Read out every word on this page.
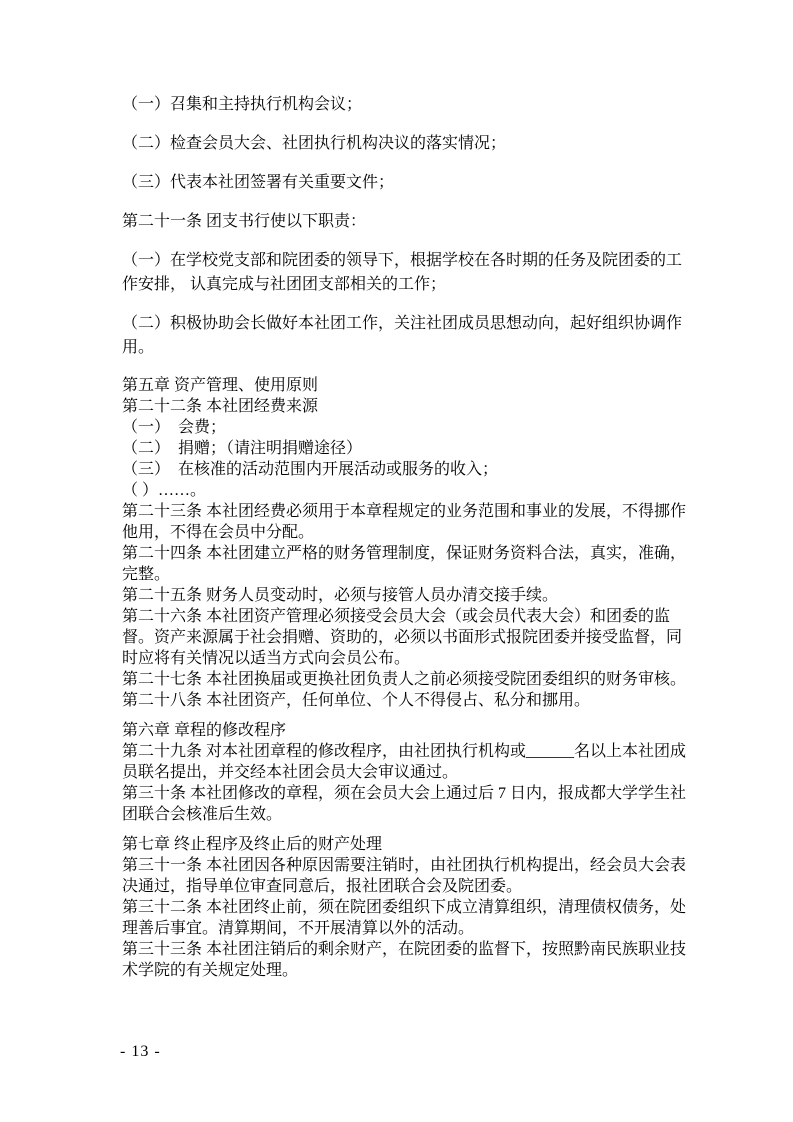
（一）召集和主持执行机构会议；

（二）检查会员大会、社团执行机构决议的落实情况；

（三）代表本社团签署有关重要文件；

第二十一条 团支书行使以下职责：

（一）在学校党支部和院团委的领导下，根据学校在各时期的任务及院团委的工作安排， 认真完成与社团团支部相关的工作；

（二）积极协助会长做好本社团工作，关注社团成员思想动向，起好组织协调作用。

第五章 资产管理、使用原则

第二十二条 本社团经费来源

（一）　会费；

（二）　捐赠；（请注明捐赠途径）

（三）　在核准的活动范围内开展活动或服务的收入；

（ ）……。

第二十三条 本社团经费必须用于本章程规定的业务范围和事业的发展，不得挪作他用，不得在会员中分配。

第二十四条 本社团建立严格的财务管理制度，保证财务资料合法，真实，准确，完整。

第二十五条 财务人员变动时，必须与接管人员办清交接手续。

第二十六条 本社团资产管理必须接受会员大会（或会员代表大会）和团委的监督。资产来源属于社会捐赠、资助的，必须以书面形式报院团委并接受监督，同时应将有关情况以适当方式向会员公布。

第二十七条 本社团换届或更换社团负责人之前必须接受院团委组织的财务审核。

第二十八条 本社团资产，任何单位、个人不得侵占、私分和挪用。

第六章 章程的修改程序

第二十九条 对本社团章程的修改程序，由社团执行机构或______名以上本社团成员联名提出，并交经本社团会员大会审议通过。

第三十条 本社团修改的章程，须在会员大会上通过后 7 日内，报成都大学学生社团联合会核准后生效。

第七章 终止程序及终止后的财产处理

第三十一条 本社团因各种原因需要注销时，由社团执行机构提出，经会员大会表决通过，指导单位审查同意后，报社团联合会及院团委。

第三十二条 本社团终止前，须在院团委组织下成立清算组织，清理债权债务，处理善后事宜。清算期间，不开展清算以外的活动。

第三十三条 本社团注销后的剩余财产，在院团委的监督下，按照黔南民族职业技术学院的有关规定处理。

- 13 -
